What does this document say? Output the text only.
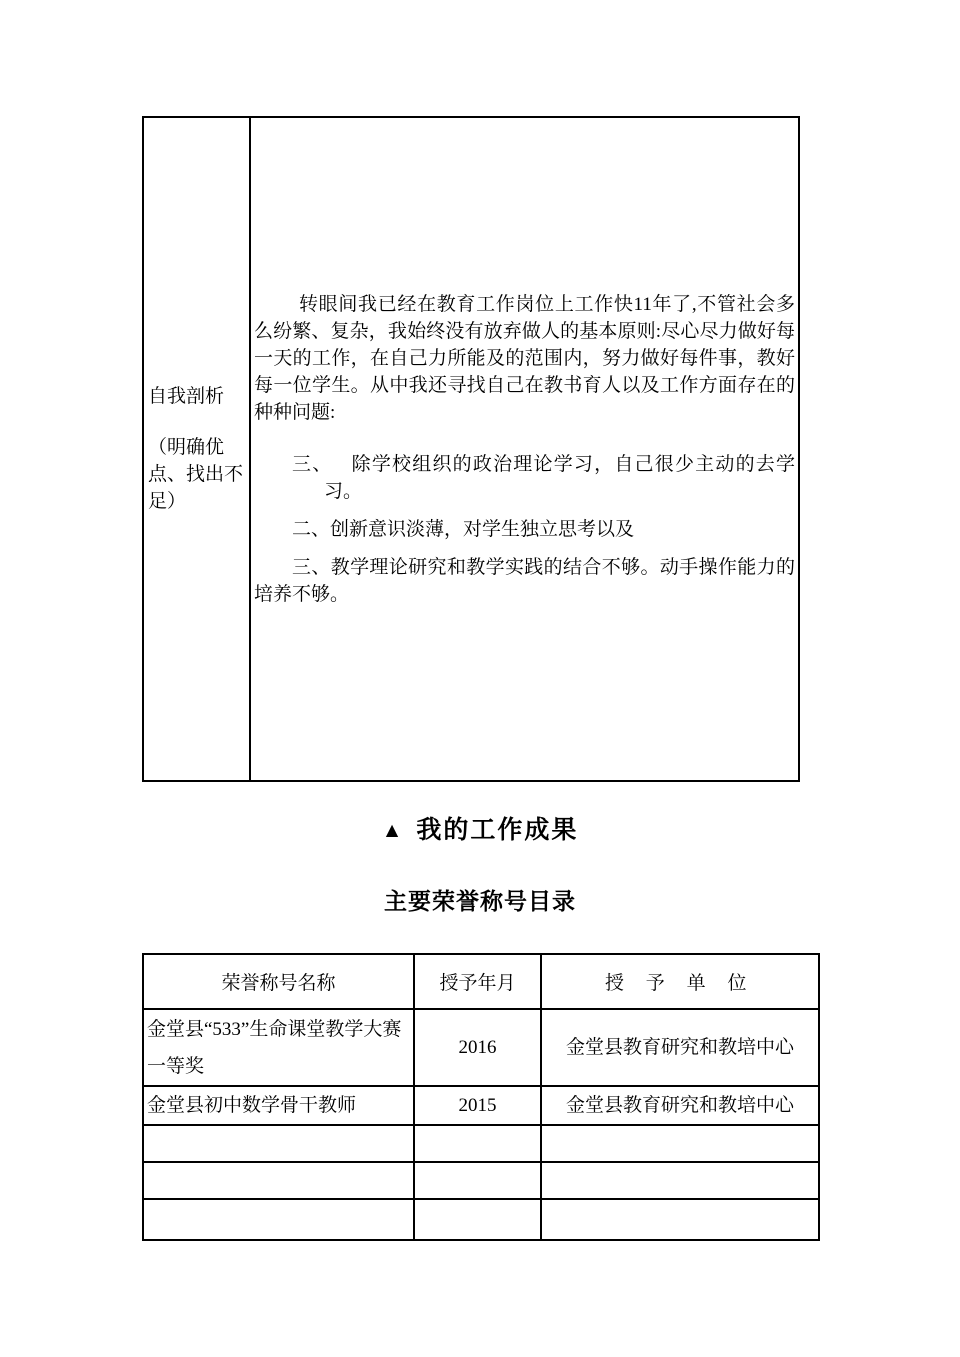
自我剖析
（明确优
点、找出不
足）

转眼间我已经在教育工作岗位上工作快11年了,不管社会多么纷繁、复杂，我始终没有放弃做人的基本原则:尽心尽力做好每一天的工作，在自己力所能及的范围内，努力做好每件事，教好每一位学生。从中我还寻找自己在教书育人以及工作方面存在的种种问题:

三、 除学校组织的政治理论学习，自己很少主动的去学习。
二、创新意识淡薄，对学生独立思考以及
三、教学理论研究和教学实践的结合不够。动手操作能力的培养不够。
▲ 我的工作成果
主要荣誉称号目录
荣誉称号名称	授予年月	授 予 单 位
金堂县“533”生命课堂教学大赛一等奖	2016	金堂县教育研究和教培中心
金堂县初中数学骨干教师	2015	金堂县教育研究和教培中心
